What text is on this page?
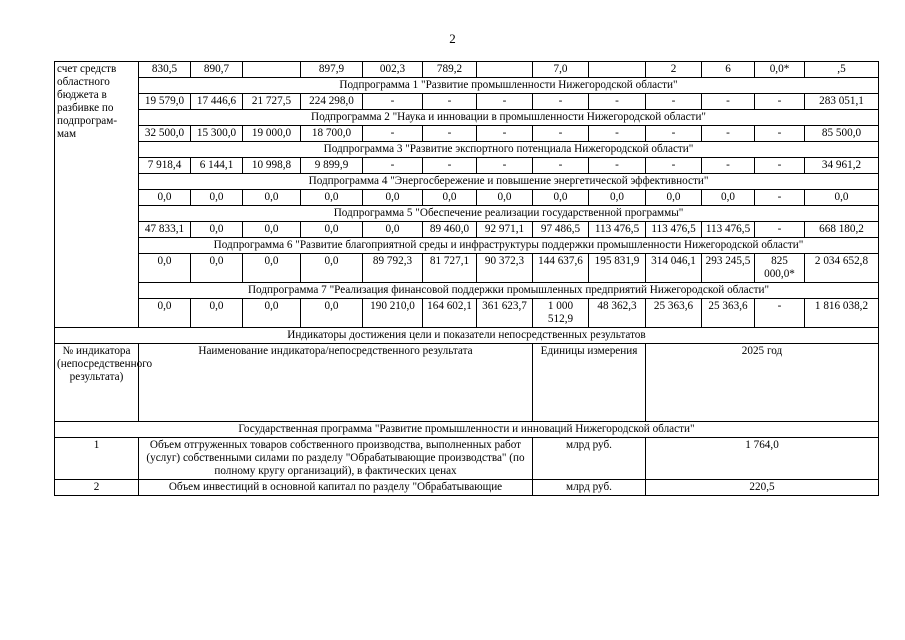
2
счет средств областного бюджета в разбивке по подпрограм-мам	830,5	890,7		897,9	002,3	789,2		7,0		2	6	0,0*	,5
	Подпрограмма 1 "Развитие промышленности Нижегородской области"												
	19 579,0	17 446,6	21 727,5	224 298,0	-	-	-	-	-	-	-	-	283 051,1
	Подпрограмма 2 "Наука и инновации в промышленности Нижегородской области"												
	32 500,0	15 300,0	19 000,0	18 700,0	-	-	-	-	-	-	-	-	85 500,0
	Подпрограмма 3 "Развитие экспортного потенциала Нижегородской области"												
	7 918,4	6 144,1	10 998,8	9 899,9	-	-	-	-	-	-	-	-	34 961,2
	Подпрограмма 4 "Энергосбережение и повышение энергетической эффективности"												
	0,0	0,0	0,0	0,0	0,0	0,0	0,0	0,0	0,0	0,0	0,0	-	0,0
	Подпрограмма 5 "Обеспечение реализации государственной программы"												
	47 833,1	0,0	0,0	0,0	0,0	89 460,0	92 971,1	97 486,5	113 476,5	113 476,5	113 476,5	-	668 180,2
	Подпрограмма 6 "Развитие благоприятной среды и инфраструктуры поддержки промышленности Нижегородской области"												
	0,0	0,0	0,0	0,0	89 792,3	81 727,1	90 372,3	144 637,6	195 831,9	314 046,1	293 245,5	825 000,0*	2 034 652,8
	Подпрограмма 7 "Реализация финансовой поддержки промышленных предприятий Нижегородской области"												
	0,0	0,0	0,0	0,0	190 210,0	164 602,1	361 623,7	1 000 512,9	48 362,3	25 363,6	25 363,6	-	1 816 038,2
Индикаторы достижения цели и показатели непосредственных результатов													
№ индикатора (непосредственного результата)	Наименование индикатора/непосредственного результата							Единицы измерения		2025 год			
Государственная программа "Развитие промышленности и инноваций Нижегородской области"													
1	Объем отгруженных товаров собственного производства, выполненных работ (услуг) собственными силами по разделу "Обрабатывающие производства" (по полному кругу организаций), в фактических ценах							млрд руб.		1 764,0			
2	Объем инвестиций в основной капитал по разделу "Обрабатывающие							млрд руб.		220,5			
